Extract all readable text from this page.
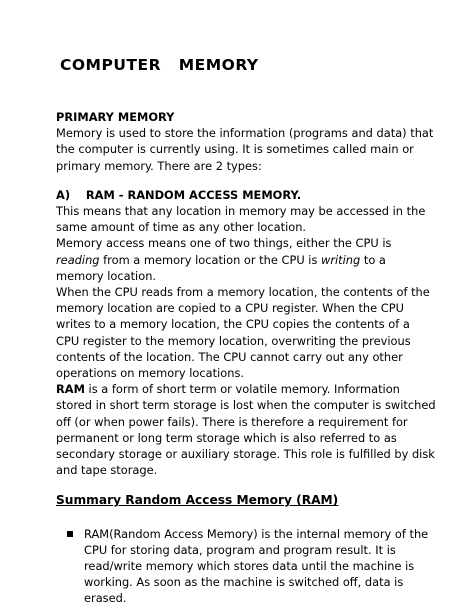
COMPUTER   MEMORY

PRIMARY MEMORY

Memory is used to store the information (programs and data) that the computer is currently using. It is sometimes called main or primary memory. There are 2 types:

A)    RAM - RANDOM ACCESS MEMORY.

This means that any location in memory may be accessed in the same amount of time as any other location.

Memory access means one of two things, either the CPU is reading from a memory location or the CPU is writing to a memory location.

When the CPU reads from a memory location, the contents of the memory location are copied to a CPU register. When the CPU writes to a memory location, the CPU copies the contents of a CPU register to the memory location, overwriting the previous contents of the location. The CPU cannot carry out any other operations on memory locations.

RAM is a form of short term or volatile memory. Information stored in short term storage is lost when the computer is switched off (or when power fails). There is therefore a requirement for permanent or long term storage which is also referred to as secondary storage or auxiliary storage. This role is fulfilled by disk and tape storage.

Summary Random Access Memory (RAM)

RAM(Random Access Memory) is the internal memory of the CPU for storing data, program and program result. It is read/write memory which stores data until the machine is working. As soon as the machine is switched off, data is erased.
